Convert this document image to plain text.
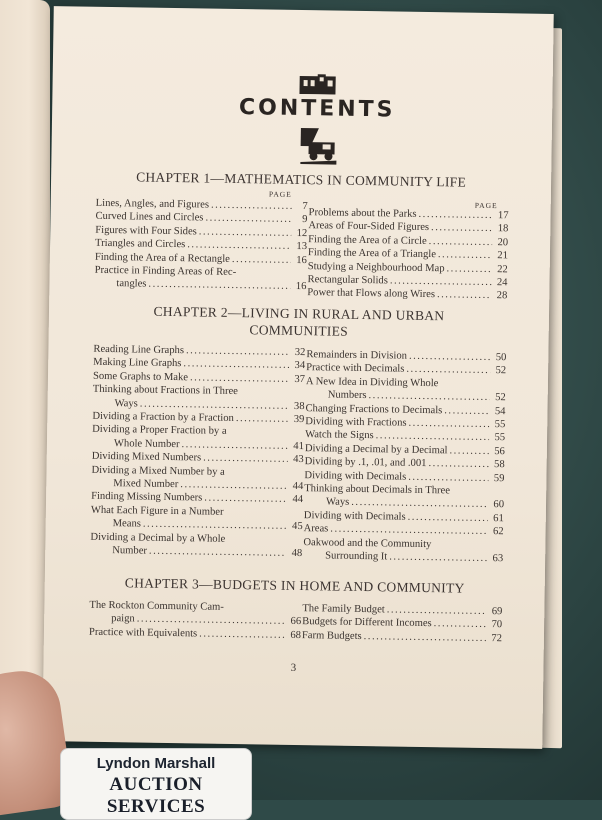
CONTENTS
CHAPTER 1—MATHEMATICS IN COMMUNITY LIFE
PAGE
PAGE
Lines, Angles, and Figures .....	7
Curved Lines and Circles .....	9
Figures with Four Sides .....	12
Triangles and Circles .....	13
Finding the Area of a Rectangle .....	16
Practice in Finding Areas of Rec-
tangles .....	16
Problems about the Parks .....	17
Areas of Four-Sided Figures .....	18
Finding the Area of a Circle .....	20
Finding the Area of a Triangle .....	21
Studying a Neighbourhood Map .....	22
Rectangular Solids .....	24
Power that Flows along Wires .....	28
CHAPTER 2—LIVING IN RURAL AND URBAN
COMMUNITIES
Reading Line Graphs .....	32
Making Line Graphs .....	34
Some Graphs to Make .....	37
Thinking about Fractions in Three
Ways .....	38
Dividing a Fraction by a Fraction .....	39
Dividing a Proper Fraction by a
Whole Number .....	41
Dividing Mixed Numbers .....	43
Dividing a Mixed Number by a
Mixed Number .....	44
Finding Missing Numbers .....	44
What Each Figure in a Number
Means .....	45
Dividing a Decimal by a Whole
Number .....	48
Remainders in Division .....	50
Practice with Decimals .....	52
A New Idea in Dividing Whole
Numbers .....	52
Changing Fractions to Decimals .....	54
Dividing with Fractions .....	55
Watch the Signs .....	55
Dividing a Decimal by a Decimal .....	56
Dividing by .1, .01, and .001 .....	58
Dividing with Decimals .....	59
Thinking about Decimals in Three
Ways .....	60
Dividing with Decimals .....	61
Areas .....	62
Oakwood and the Community
Surrounding It .....	63
CHAPTER 3—BUDGETS IN HOME AND COMMUNITY
The Rockton Community Cam-
paign .....	66
Practice with Equivalents .....	68
The Family Budget .....	69
Budgets for Different Incomes .....	70
Farm Budgets .....	72
3
Lyndon Marshall
AUCTION SERVICES
